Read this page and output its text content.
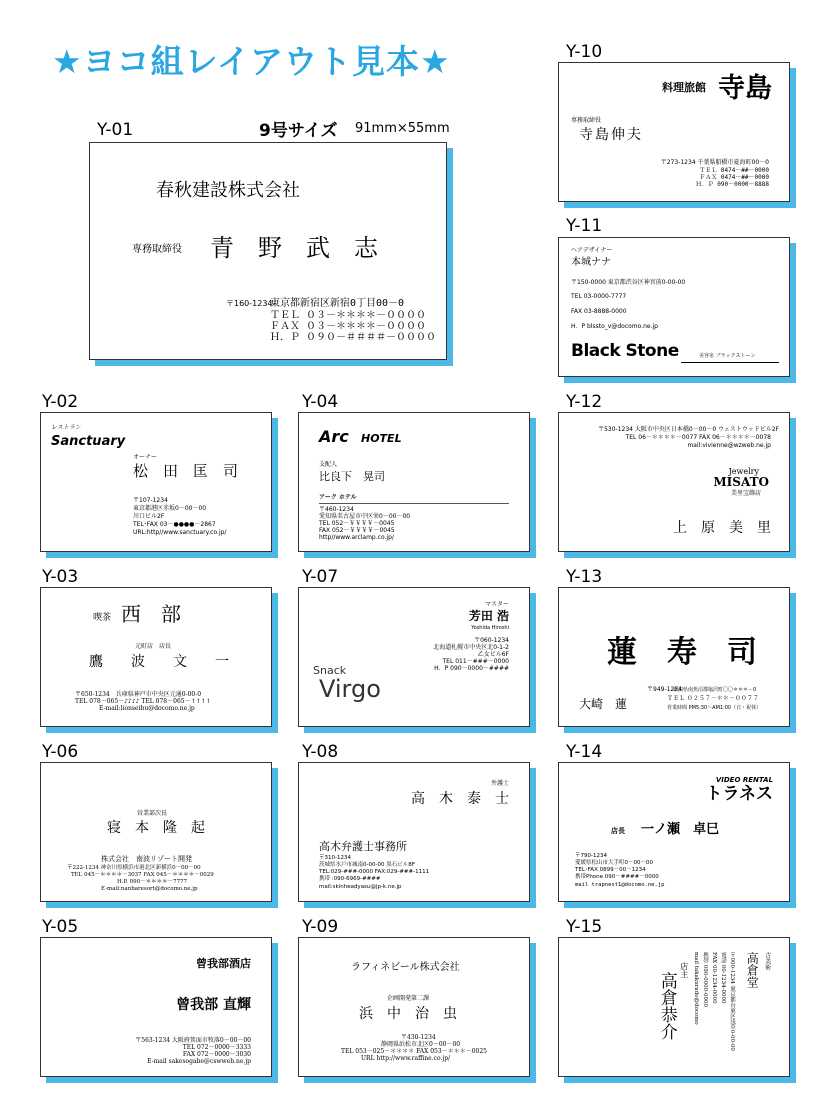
★ヨコ組レイアウト見本★
Y-01	9号サイズ 91mm×55mm
春秋建設株式会社
専務取締役 青　野　武　志
〒160-1234
東京都新宿区新宿0丁目00－0
ＴＥＬ ０３－＊＊＊＊－００００
ＦＡＸ ０３－＊＊＊＊－００００
Ｈ．Ｐ ０９０－＃＃＃＃－００００
Y-10
料理旅館 寺島
専務取締役
寺島伸夫
〒273-1234 千葉県船橋市夏海町00－0
ＴＥＬ 0474－##－0000
ＦＡＸ 0474－##－0000
Ｈ．Ｐ 090－0000－8888
Y-11
ヘアデザイナー
本城ナナ
〒150-0000 東京都渋谷区神宮前0-00-00
TEL 03-0000-7777
FAX 03-8888-0000
H．P blssto_v@docomo.ne.jp
Black Stone	美容室 ブラックストーン
Y-02
レストラン
Sanctuary
オーナー
松　田　匡　司
〒107-1234
東京都港区赤坂0－00－00
川口ビル2F
TEL･FAX 03－●●●●－2867
URL:http//www.sanctuary.co.jp/
Y-04
Arc HOTEL
支配人
比良下　晃司
アーク ホテル
〒460-1234
愛知県名古屋市中区栄0－00－00
TEL 052－￥￥￥￥－0045
FAX 052－￥￥￥￥－0045
http//www.arclamp.co.jp/
Y-12
〒530-1234 大阪市中央区日本橋0－00－0 ウェストウッドビル2F
TEL 06－＊＊＊＊－0077 FAX 06－＊＊＊＊－0078
mail:vivienne@wzweb.ne.jp
Jewelry
MISATO
美里宝飾店
上　原　美　里
Y-03
喫茶 西　部
元町店　店長
鷹　　波　　文　　一
〒650-1234　兵庫県神戸市中央区元通0-00-0
TEL 078－065－♪♪♪♪ TEL 078－065－↑↑↑↑
E-mail:lionseibu@docomo.ne.jp
Y-07
マスター
芳田 浩
Yoshida Hiroshi
〒060-1234
北海道札幌市中央区北0-1-2
乙女ビル6F
TEL 011－###－0000
H．P 090－0000－####
Snack
Virgo
Y-13
蓮　寿　司
大崎　蓮
〒949-1234
新潟県南魚沼郡塩沢町〇〇＊＊＊－0
ＴＥＬ ０２５７－＊＊－００７７
営業時間 PM5:30～AM1:00（日・祝休）
Y-06
営業部次長
寝　本　隆　起
株式会社　南波リゾート開発
〒222-1234 神奈川県横浜市港北区新横浜0－00－00
TEL 045－＊＊＊＊－3037 FAX 045－＊＊＊＊－0029
H.P. 090－＊＊＊＊－7777
E-mail:nanbaresort@docomo.ne.jp
Y-08
弁護士
高　木　泰　士
高木弁護士事務所
〒310-1234
茨城県水戸市城南0-00-00 黒石ビル8F
TEL:029-###-0000 FAX:029-###-1111
携帯 :090-6969-####
mail:skinheadyasu@jp-k.ne.jp
Y-14
VIDEO RENTAL
トラネス
店長 一ノ瀬　卓巳
〒790-1234
愛媛県松山市大手町0－00－00
TEL･FAX 0899－00－1234
携帯Phone 090－####－0000
mail trapnest1@docomo.ne.jp
Y-05
曾我部酒店
曾我部 直輝
〒563-1234 大阪府箕面市牧落0－00－00
TEL 072－0000－3333
FAX 072－0000－3030
E-mail sakesogabe@cswweb.ne.jp
Y-09
ラフィネビール株式会社
企画開発第二課
浜　中　治　虫
〒430-1234
静岡県浜松市北区0－00－00
TEL 053－025－＊＊＊＊ FAX 053－＊＊＊－0025
URL http://www.raffine.co.jp/
Y-15
古美術
高倉堂
〒000-1234 東京都台東区浅草0-00-00
電話 00-1234-0000
FAX 00-1234-0000
携帯 090-0000-0000
mail takakurado@docomo
店主
高倉恭介
